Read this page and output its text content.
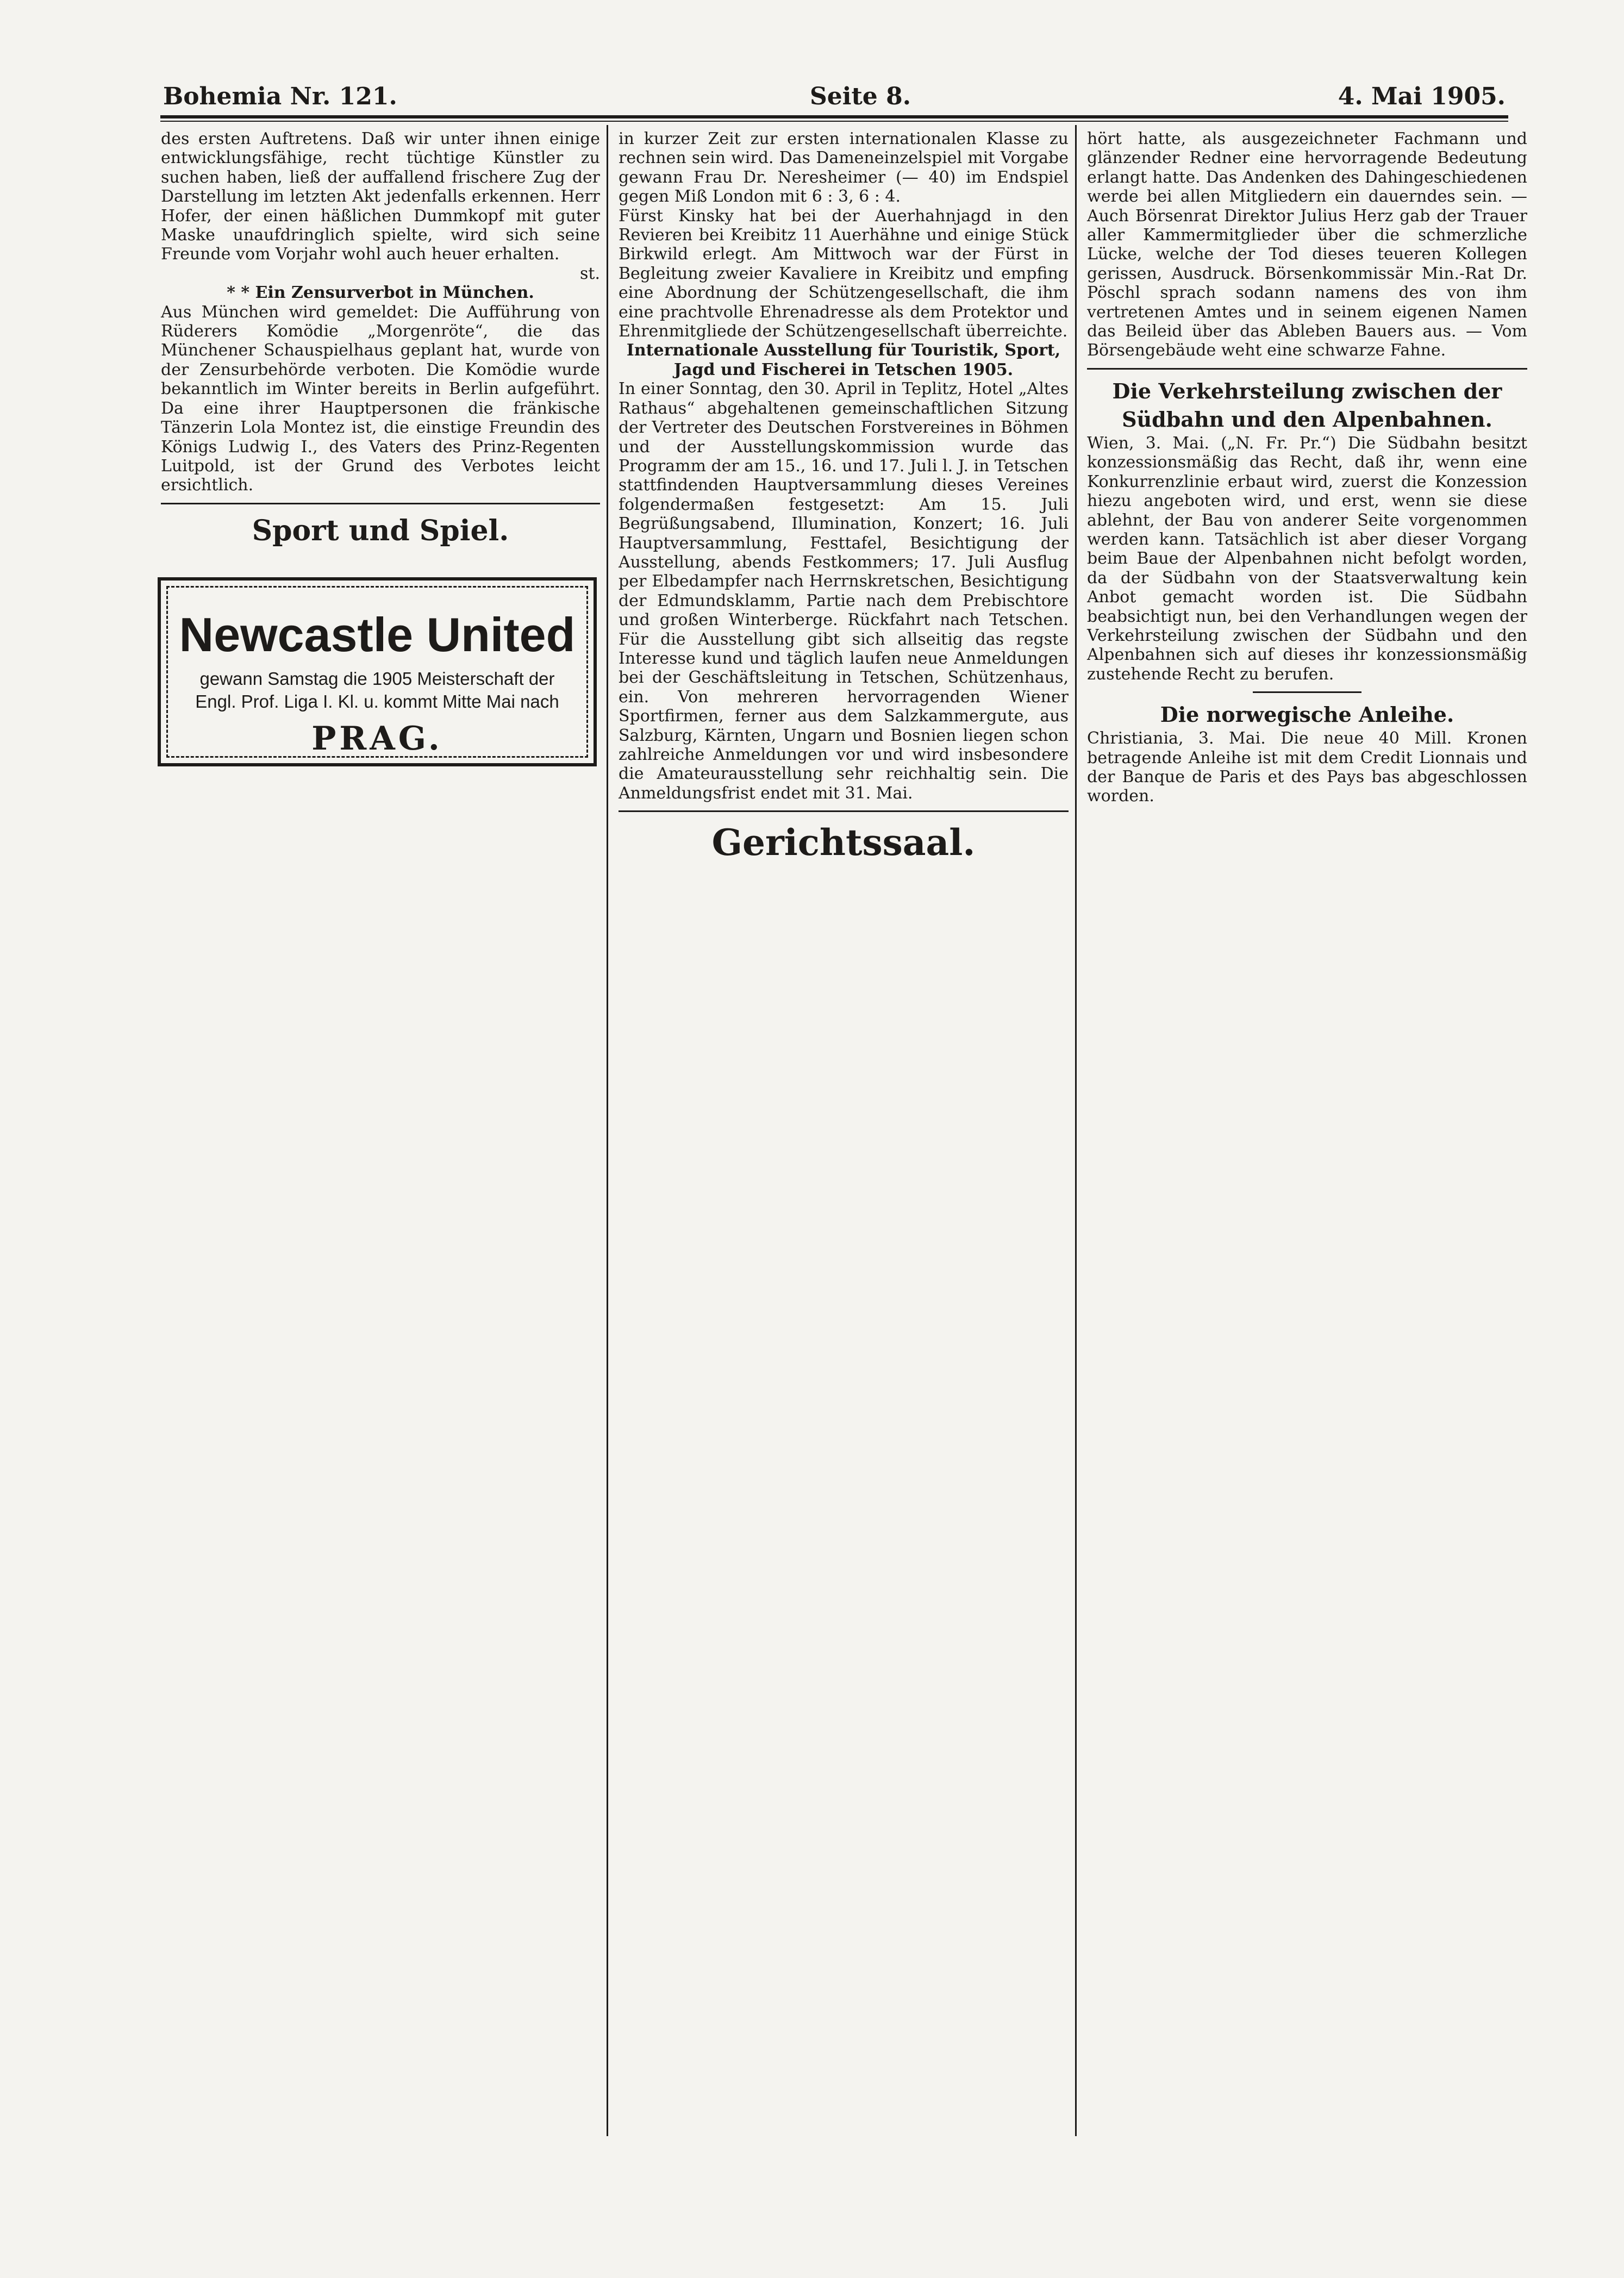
Bohemia Nr. 121.	Seite 8.	4. Mai 1905.

des ersten Auftretens. Daß wir unter ihnen einige entwicklungsfähige, recht tüchtige Künstler zu suchen haben, ließ der auffallend frischere Zug der Darstellung im letzten Akt jedenfalls erkennen. Herr Hofer, der einen häßlichen Dummkopf mit guter Maske unaufdringlich spielte, wird sich seine Freunde vom Vorjahr wohl auch heuer erhalten.

st.

* * Ein Zensurverbot in München.

Aus München wird gemeldet: Die Aufführung von Rüderers Komödie „Morgenröte“, die das Münchener Schauspielhaus geplant hat, wurde von der Zensurbehörde verboten. Die Komödie wurde bekanntlich im Winter bereits in Berlin aufgeführt. Da eine ihrer Hauptpersonen die fränkische Tänzerin Lola Montez ist, die einstige Freundin des Königs Ludwig I., des Vaters des Prinz-Regenten Luitpold, ist der Grund des Verbotes leicht ersichtlich.

Sport und Spiel.

Newcastle United
gewann Samstag die 1905 Meisterschaft der Engl. Prof. Liga I. Kl. u. kommt Mitte Mai nach
PRAG.

in kurzer Zeit zur ersten internationalen Klasse zu rechnen sein wird. Das Dameneinzelspiel mit Vorgabe gewann Frau Dr. Neresheimer (— 40) im Endspiel gegen Miß London mit 6 : 3, 6 : 4.

Fürst Kinsky hat bei der Auerhahnjagd in den Revieren bei Kreibitz 11 Auerhähne und einige Stück Birkwild erlegt. Am Mittwoch war der Fürst in Begleitung zweier Kavaliere in Kreibitz und empfing eine Abordnung der Schützengesellschaft, die ihm eine prachtvolle Ehrenadresse als dem Protektor und Ehrenmitgliede der Schützengesellschaft überreichte.

Internationale Ausstellung für Touristik, Sport, Jagd und Fischerei in Tetschen 1905.

In einer Sonntag, den 30. April in Teplitz, Hotel „Altes Rathaus“ abgehaltenen gemeinschaftlichen Sitzung der Vertreter des Deutschen Forstvereines in Böhmen und der Ausstellungskommission wurde das Programm der am 15., 16. und 17. Juli l. J. in Tetschen stattfindenden Hauptversammlung dieses Vereines folgendermaßen festgesetzt: Am 15. Juli Begrüßungsabend, Illumination, Konzert; 16. Juli Hauptversammlung, Festtafel, Besichtigung der Ausstellung, abends Festkommers; 17. Juli Ausflug per Elbedampfer nach Herrnskretschen, Besichtigung der Edmundsklamm, Partie nach dem Prebischtore und großen Winterberge. Rückfahrt nach Tetschen. Für die Ausstellung gibt sich allseitig das regste Interesse kund und täglich laufen neue Anmeldungen bei der Geschäftsleitung in Tetschen, Schützenhaus, ein. Von mehreren hervorragenden Wiener Sportfirmen, ferner aus dem Salzkammergute, aus Salzburg, Kärnten, Ungarn und Bosnien liegen schon zahlreiche Anmeldungen vor und wird insbesondere die Amateurausstellung sehr reichhaltig sein. Die Anmeldungsfrist endet mit 31. Mai.

Gerichtssaal.

hört hatte, als ausgezeichneter Fachmann und glänzender Redner eine hervorragende Bedeutung erlangt hatte. Das Andenken des Dahingeschiedenen werde bei allen Mitgliedern ein dauerndes sein. — Auch Börsenrat Direktor Julius Herz gab der Trauer aller Kammermitglieder über die schmerzliche Lücke, welche der Tod dieses teueren Kollegen gerissen, Ausdruck. Börsenkommissär Min.-Rat Dr. Pöschl sprach sodann namens des von ihm vertretenen Amtes und in seinem eigenen Namen das Beileid über das Ableben Bauers aus. — Vom Börsengebäude weht eine schwarze Fahne.

Die Verkehrsteilung zwischen der Südbahn und den Alpenbahnen.

Wien, 3. Mai. („N. Fr. Pr.“) Die Südbahn besitzt konzessionsmäßig das Recht, daß ihr, wenn eine Konkurrenzlinie erbaut wird, zuerst die Konzession hiezu angeboten wird, und erst, wenn sie diese ablehnt, der Bau von anderer Seite vorgenommen werden kann. Tatsächlich ist aber dieser Vorgang beim Baue der Alpenbahnen nicht befolgt worden, da der Südbahn von der Staatsverwaltung kein Anbot gemacht worden ist. Die Südbahn beabsichtigt nun, bei den Verhandlungen wegen der Verkehrsteilung zwischen der Südbahn und den Alpenbahnen sich auf dieses ihr konzessionsmäßig zustehende Recht zu berufen.

Die norwegische Anleihe.

Christiania, 3. Mai. Die neue 40 Mill. Kronen betragende Anleihe ist mit dem Credit Lionnais und der Banque de Paris et des Pays bas abgeschlossen worden.
